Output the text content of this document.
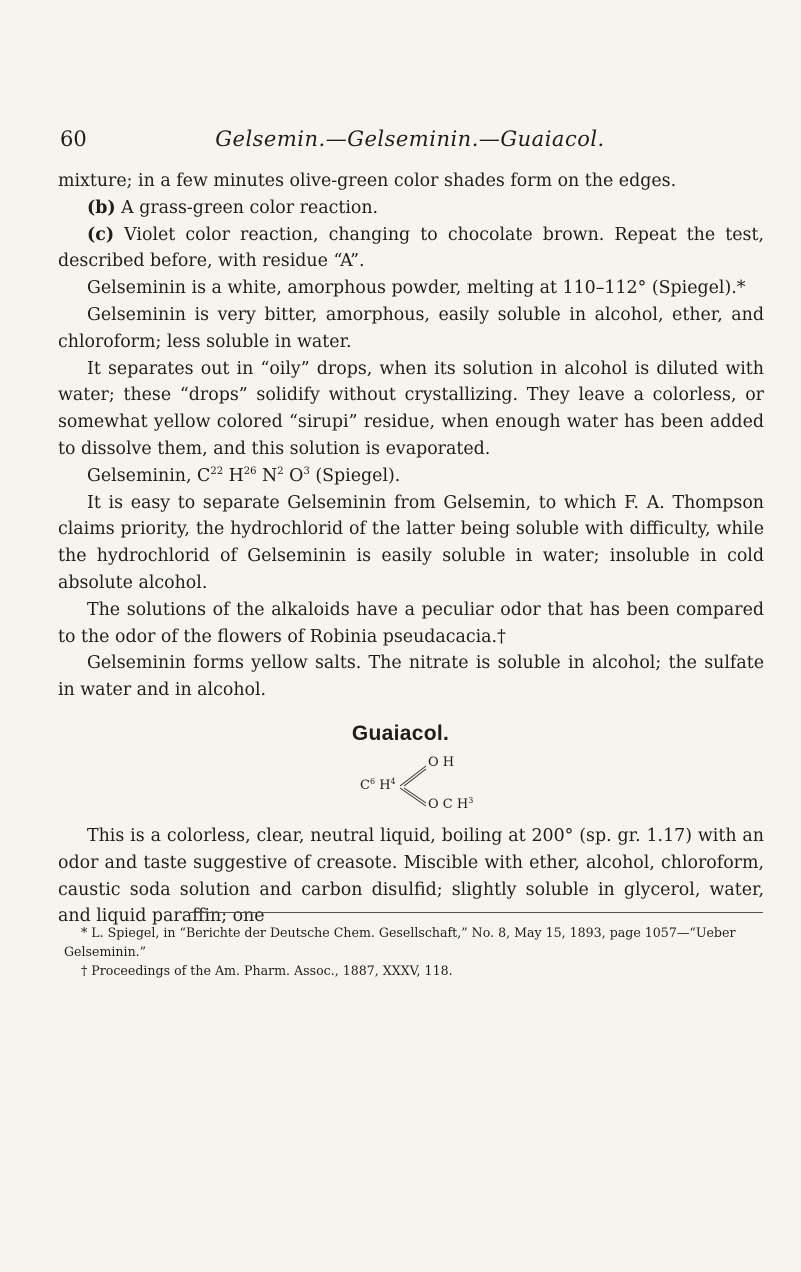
60	Gelsemin.—Gelseminin.—Guaiacol.

mixture; in a few minutes olive-green color shades form on the edges.

(b) A grass-green color reaction.

(c) Violet color reaction, changing to chocolate brown. Repeat the test, described before, with residue “A”.

Gelseminin is a white, amorphous powder, melting at 110–112° (Spiegel).*

Gelseminin is very bitter, amorphous, easily soluble in alcohol, ether, and chloroform; less soluble in water.

It separates out in “oily” drops, when its solution in alcohol is diluted with water; these “drops” solidify without crystallizing. They leave a colorless, or somewhat yellow colored “sirupi” residue, when enough water has been added to dissolve them, and this solution is evaporated.

Gelseminin, $C^{22}$ $H^{26}$ $N^2$ $O^3$ (Spiegel).

It is easy to separate Gelseminin from Gelsemin, to which F. A. Thompson claims priority, the hydrochlorid of the latter being soluble with difficulty, while the hydrochlorid of Gelseminin is easily soluble in water; insoluble in cold absolute alcohol.

The solutions of the alkaloids have a peculiar odor that has been compared to the odor of the flowers of Robinia pseudacacia.†

Gelseminin forms yellow salts. The nitrate is soluble in alcohol; the sulfate in water and in alcohol.

Guaiacol.
$C^6$ $H^4$
O H
O C $H^3$

This is a colorless, clear, neutral liquid, boiling at 200° (sp. gr. 1.17) with an odor and taste suggestive of creasote. Miscible with ether, alcohol, chloroform, caustic soda solution and carbon disulfid; slightly soluble in glycerol, water, and liquid paraffin; one

* L. Spiegel, in “Berichte der Deutsche Chem. Gesellschaft,” No. 8, May 15, 1893, page 1057—“Ueber Gelseminin.”

† Proceedings of the Am. Pharm. Assoc., 1887, XXXV, 118.
